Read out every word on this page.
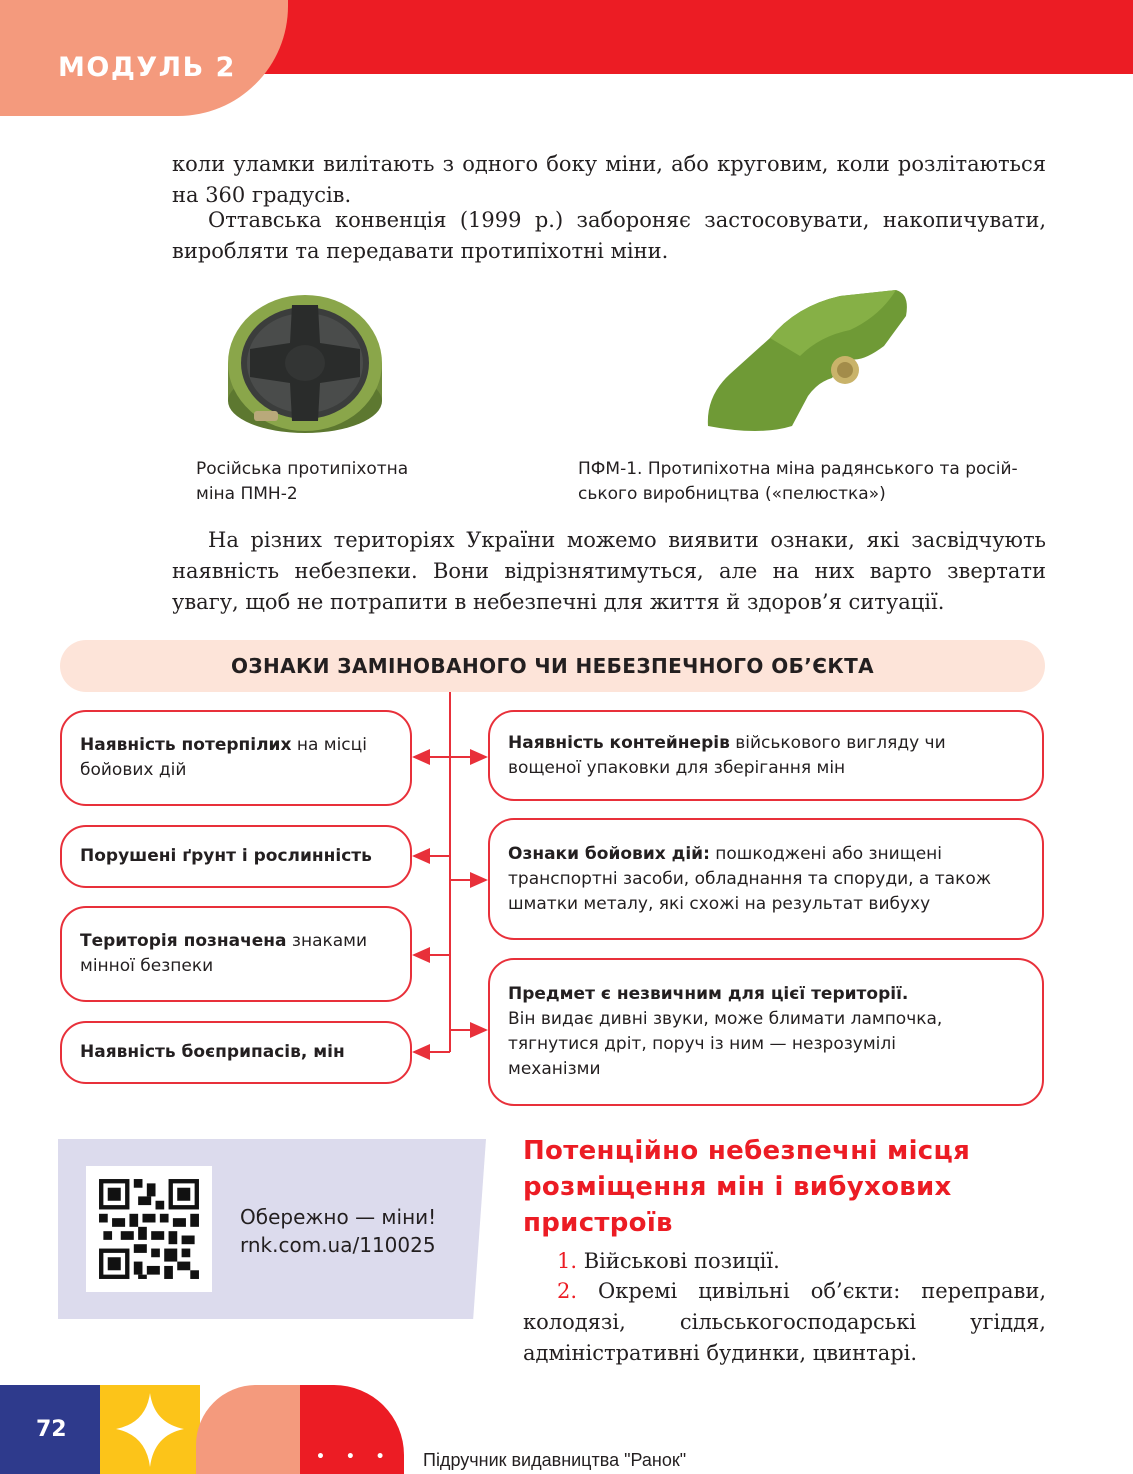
МОДУЛЬ 2

коли уламки вилітають з одного боку міни, або круговим, коли розлітаються на 360 градусів.

Оттавська конвенція (1999 р.) забороняє застосовувати, накопичувати, виробляти та передавати протипіхотні міни.

Російська протипіхотна
міна ПМН-2
ПФМ-1. Протипіхотна міна радянського та росій-
ського виробництва («пелюстка»)

На різних територіях України можемо виявити ознаки, які засвідчують наявність небезпеки. Вони відрізнятимуться, але на них варто звертати увагу, щоб не потрапити в небезпечні для життя й здоров’я ситуації.

ОЗНАКИ ЗАМІНОВАНОГО ЧИ НЕБЕЗПЕЧНОГО ОБ’ЄКТА
Наявність потерпілих на місці бойових дій
Порушені ґрунт і рослинність
Територія позначена знаками мінної безпеки
Наявність боєприпасів, мін
Наявність контейнерів військового вигляду чи вощеної упаковки для зберігання мін
Ознаки бойових дій: пошкоджені або знищені транспортні засоби, обладнання та споруди, а також шматки металу, які схожі на результат вибуху
Предмет є незвичним для цієї території.
Він видає дивні звуки, може блимати лампочка, тягнутися дріт, поруч із ним — незрозумілі механізми
Обережно — міни!
rnk.com.ua/110025
Потенційно небезпечні місця розміщення мін і вибухових пристроїв

1. Військові позиції.

2. Окремі цивільні об’єкти: переправи, колодязі, сільськогосподарські угіддя, адміністративні будинки, цвинтарі.

72
• • • • Підручник видавництва "Ранок"
